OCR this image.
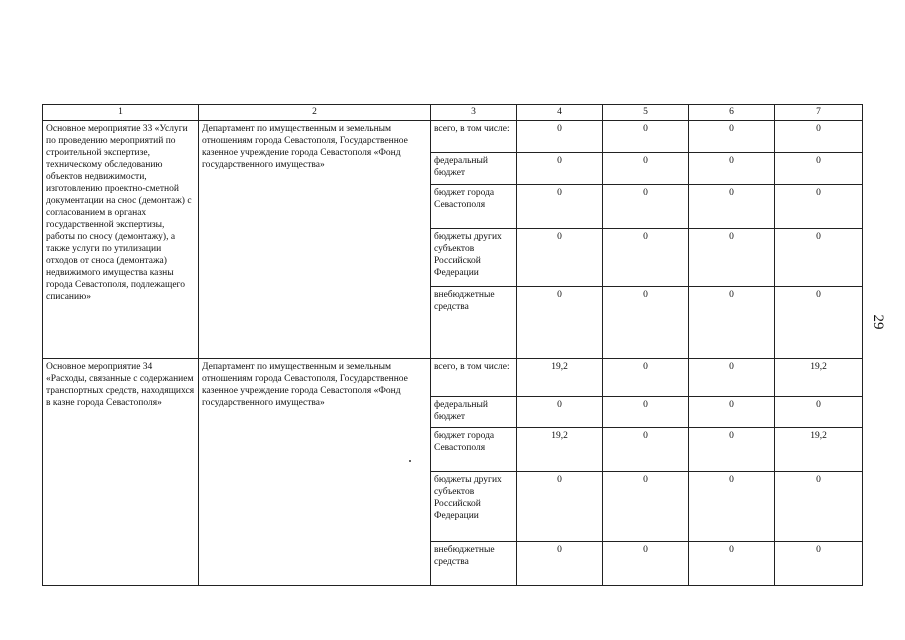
29
1	2	3	4	5	6	7
Основное мероприятие 33 «Услуги по проведению мероприятий по строительной экспертизе, техническому обследованию объектов недвижимости, изготовлению проектно-сметной документации на снос (демонтаж) с согласованием в органах государственной экспертизы, работы по сносу (демонтажу), а также услуги по утилизации отходов от сноса (демонтажа) недвижимого имущества казны города Севастополя, подлежащего списанию»	Департамент по имущественным и земельным отношениям города Севастополя, Государственное казенное учреждение города Севастополя «Фонд государственного имущества»	всего, в том числе:	0	0	0	0
		федеральный бюджет	0	0	0	0
		бюджет города Севастополя	0	0	0	0
		бюджеты других субъектов Российской Федерации	0	0	0	0
		внебюджетные средства	0	0	0	0
Основное мероприятие 34 «Расходы, связанные с содержанием транспортных средств, находящихся в казне города Севастополя»	Департамент по имущественным и земельным отношениям города Севастополя, Государственное казенное учреждение города Севастополя «Фонд государственного имущества»	всего, в том числе:	19,2	0	0	19,2
		федеральный бюджет	0	0	0	0
		бюджет города Севастополя	19,2	0	0	19,2
		бюджеты других субъектов Российской Федерации	0	0	0	0
		внебюджетные средства	0	0	0	0
